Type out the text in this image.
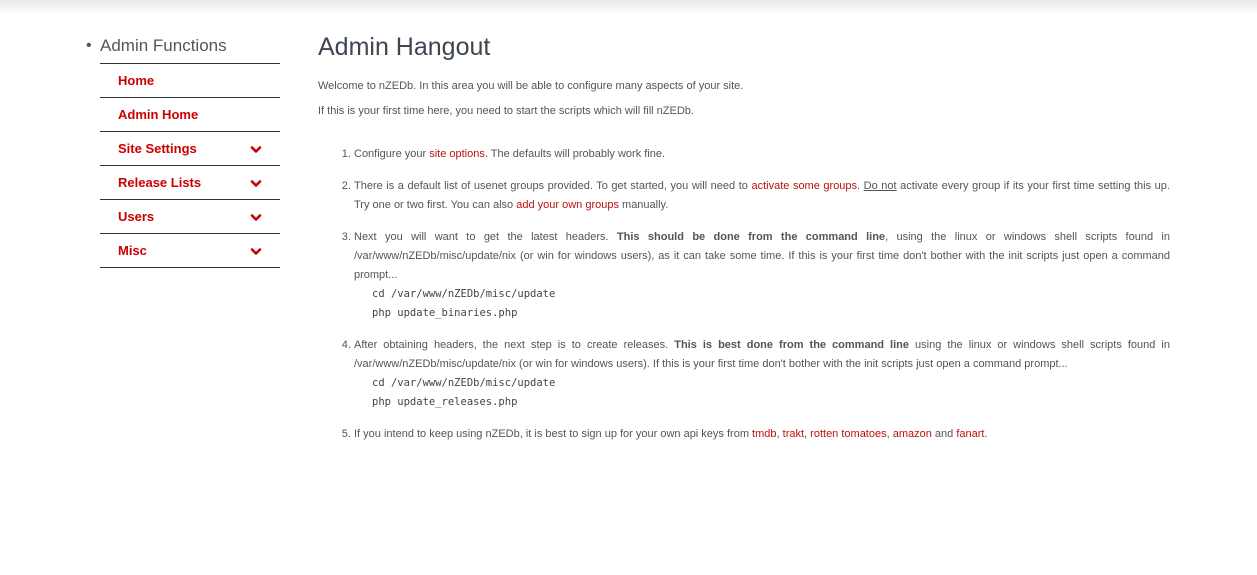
• Admin Functions
Home
Admin Home
Site Settings
Release Lists
Users
Misc
Admin Hangout

Welcome to nZEDb. In this area you will be able to configure many aspects of your site.

If this is your first time here, you need to start the scripts which will fill nZEDb.

1. Configure your site options. The defaults will probably work fine.
2. There is a default list of usenet groups provided. To get started, you will need to activate some groups. Do not activate every group if its your first time setting this up. Try one or two first. You can also add your own groups manually.
3. Next you will want to get the latest headers. This should be done from the command line, using the linux or windows shell scripts found in /var/www/nZEDb/misc/update/nix (or win for windows users), as it can take some time. If this is your first time don't bother with the init scripts just open a command prompt...
cd /var/www/nZEDb/misc/update
php update_binaries.php
4. After obtaining headers, the next step is to create releases. This is best done from the command line using the linux or windows shell scripts found in /var/www/nZEDb/misc/update/nix (or win for windows users). If this is your first time don't bother with the init scripts just open a command prompt...
cd /var/www/nZEDb/misc/update
php update_releases.php
5. If you intend to keep using nZEDb, it is best to sign up for your own api keys from tmdb, trakt, rotten tomatoes, amazon and fanart.
